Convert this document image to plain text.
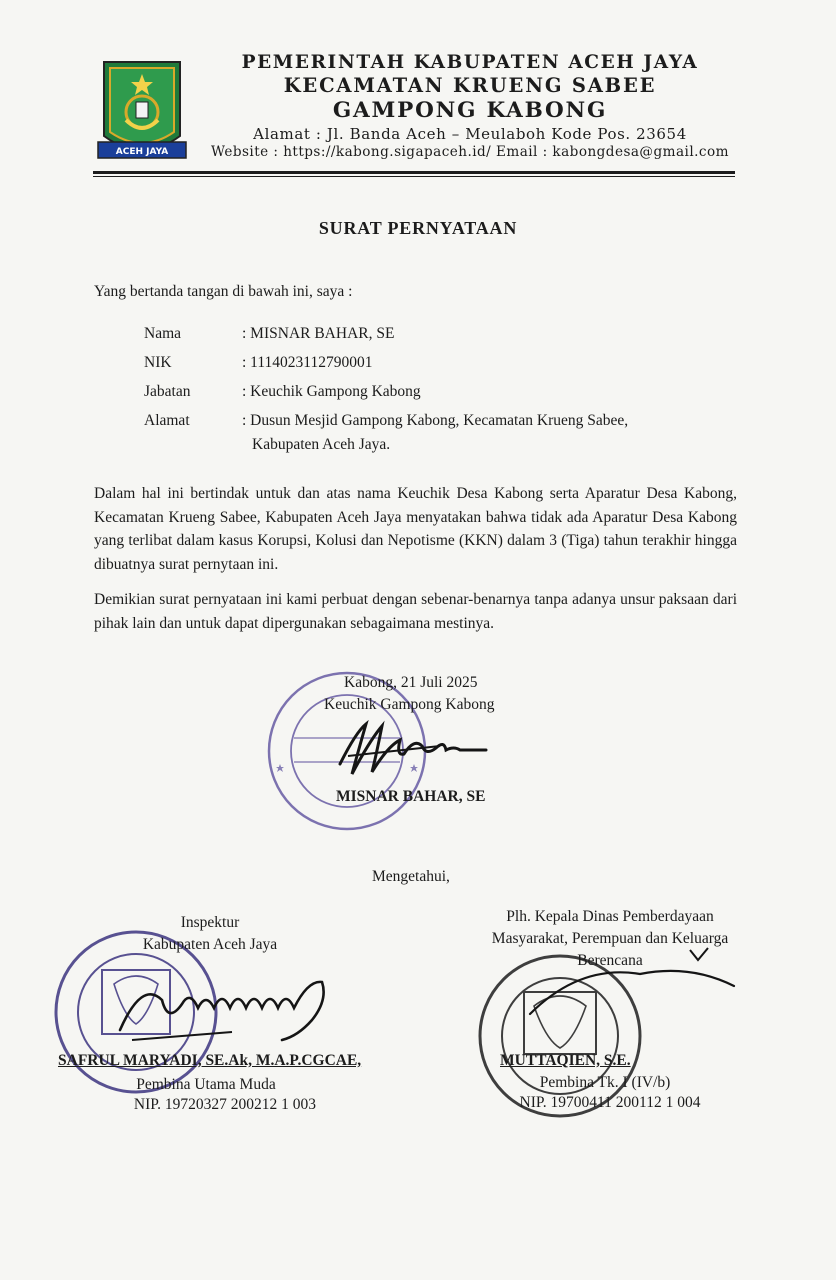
ACEH JAYA
PEMERINTAH KABUPATEN ACEH JAYA
KECAMATAN KRUENG SABEE
GAMPONG KABONG
Alamat : Jl. Banda Aceh – Meulaboh Kode Pos. 23654
Website : https://kabong.sigapaceh.id/ Email : kabongdesa@gmail.com
SURAT PERNYATAAN
Yang bertanda tangan di bawah ini, saya :
Nama	: MISNAR BAHAR, SE
NIK	: 1114023112790001
Jabatan	: Keuchik Gampong Kabong
Alamat	: Dusun Mesjid Gampong Kabong, Kecamatan Krueng Sabee,
Kabupaten Aceh Jaya.
Dalam hal ini bertindak untuk dan atas nama Keuchik Desa Kabong serta Aparatur Desa Kabong, Kecamatan Krueng Sabee, Kabupaten Aceh Jaya menyatakan bahwa tidak ada Aparatur Desa Kabong yang terlibat dalam kasus Korupsi, Kolusi dan Nepotisme (KKN) dalam 3 (Tiga) tahun terakhir hingga dibuatnya surat pernytaan ini.
Demikian surat pernyataan ini kami perbuat dengan sebenar-benarnya tanpa adanya unsur paksaan dari pihak lain dan untuk dapat dipergunakan sebagaimana mestinya.
Kabong, 21 Juli 2025
Keuchik Gampong Kabong
MISNAR BAHAR, SE
Mengetahui,
Inspektur
Kabupaten Aceh Jaya
SAFRUL MARYADI, SE.Ak, M.A.P.CGCAE,
Pembina Utama Muda
NIP. 19720327 200212 1 003
Plh. Kepala Dinas Pemberdayaan
Masyarakat, Perempuan dan Keluarga
Berencana
MUTTAQIEN, S.E.
Pembina Tk. I (IV/b)
NIP. 19700411 200112 1 004
